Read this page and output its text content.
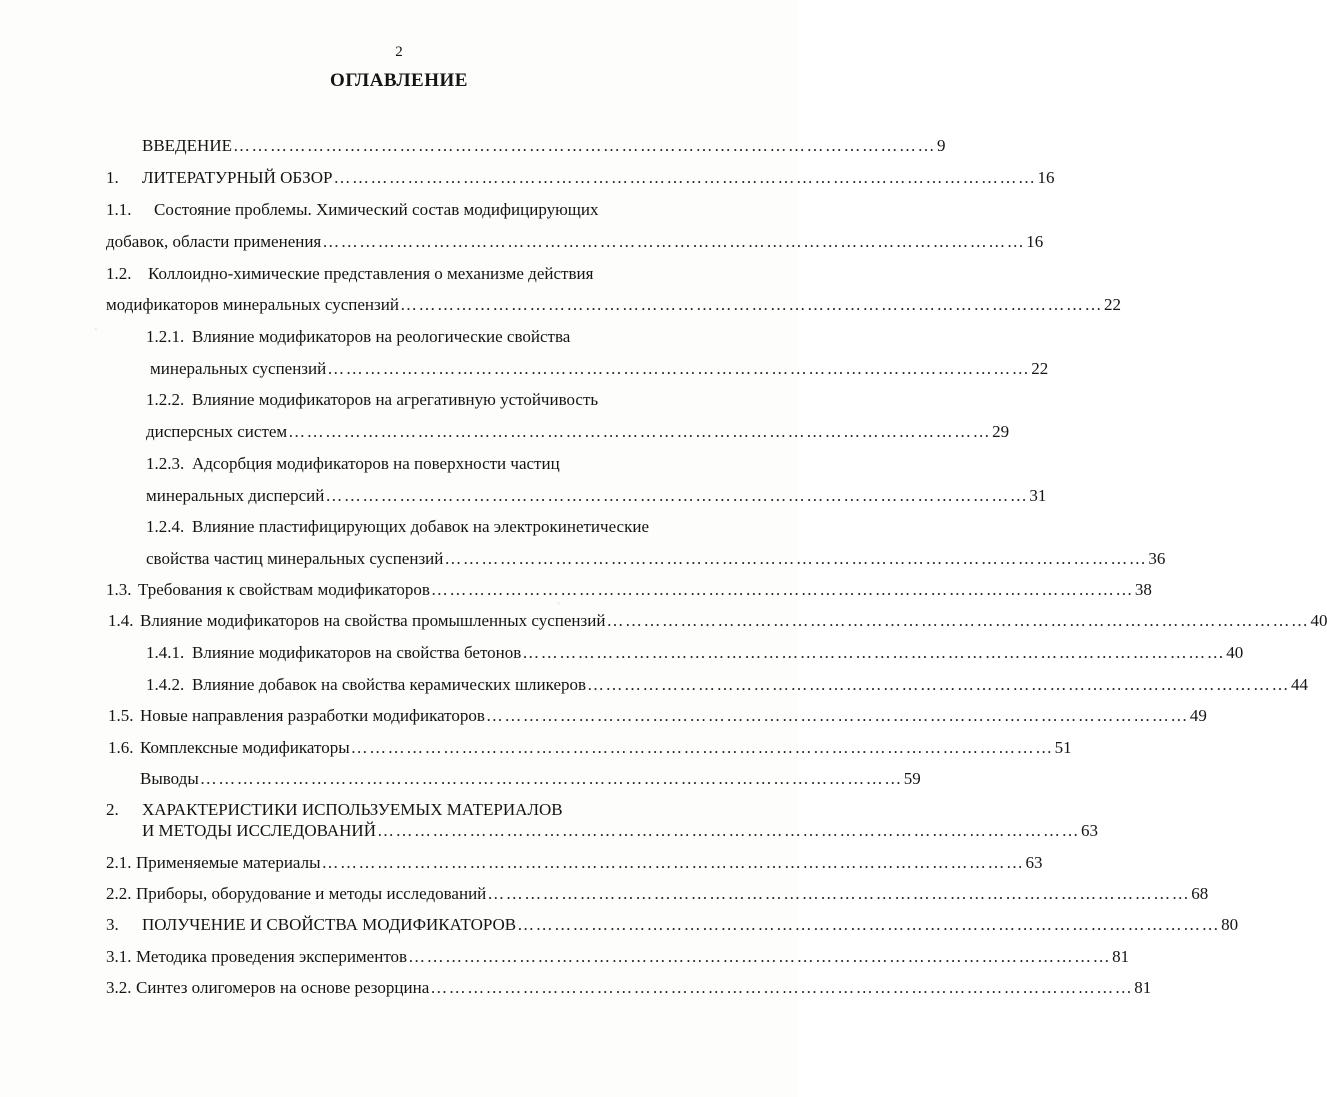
2
ОГЛАВЛЕНИЕ
ВВЕДЕНИЕ …………………………………………………………………………………………………… 9
1.	ЛИТЕРАТУРНЫЙ ОБЗОР …………………………………………………………………………………………………… 16
1.1. Состояние проблемы. Химический состав модифицирующих
добавок, области применения …………………………………………………………………………………………………… 16
1.2. Коллоидно-химические представления о механизме действия
модификаторов минеральных суспензий …………………………………………………………………………………………………… 22
1.2.1. Влияние модификаторов на реологические свойства
минеральных суспензий …………………………………………………………………………………………………… 22
1.2.2. Влияние модификаторов на агрегативную устойчивость
дисперсных систем …………………………………………………………………………………………………… 29
1.2.3. Адсорбция модификаторов на поверхности частиц
минеральных дисперсий …………………………………………………………………………………………………… 31
1.2.4. Влияние пластифицирующих добавок на электрокинетические
свойства частиц минеральных суспензий …………………………………………………………………………………………………… 36
1.3. Требования к свойствам модификаторов …………………………………………………………………………………………………… 38
1.4. Влияние модификаторов на свойства промышленных суспензий …………………………………………………………………………………………………… 40
1.4.1. Влияние модификаторов на свойства бетонов …………………………………………………………………………………………………… 40
1.4.2. Влияние добавок на свойства керамических шликеров …………………………………………………………………………………………………… 44
1.5. Новые направления разработки модификаторов …………………………………………………………………………………………………… 49
1.6. Комплексные модификаторы …………………………………………………………………………………………………… 51
Выводы …………………………………………………………………………………………………… 59
2. ХАРАКТЕРИСТИКИ ИСПОЛЬЗУЕМЫХ МАТЕРИАЛОВ
И МЕТОДЫ ИССЛЕДОВАНИЙ …………………………………………………………………………………………………… 63
2.1. Применяемые материалы …………………………………………………………………………………………………… 63
2.2. Приборы, оборудование и методы исследований …………………………………………………………………………………………………… 68
3.	ПОЛУЧЕНИЕ И СВОЙСТВА МОДИФИКАТОРОВ …………………………………………………………………………………………………… 80
3.1. Методика проведения экспериментов …………………………………………………………………………………………………… 81
3.2. Синтез олигомеров на основе резорцина …………………………………………………………………………………………………… 81
